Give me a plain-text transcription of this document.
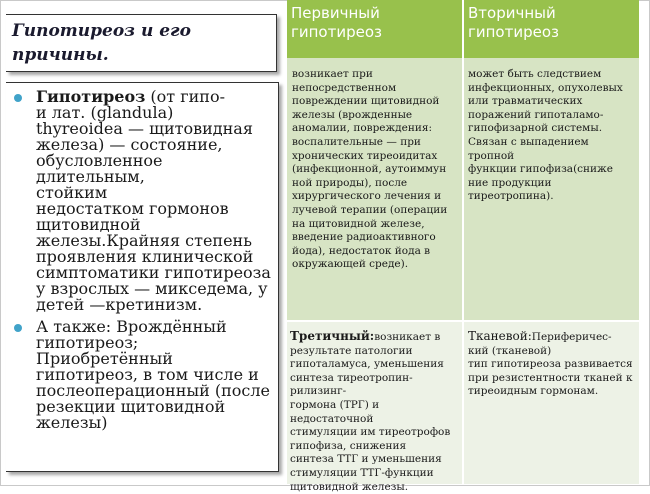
Гипотиреоз и его
причины.
Гипотиреоз (от гипо-
и лат. (glandula)
thyreoidea — щитовидная
железа) — состояние,
обусловленное длительным,
стойким
недостатком гормонов
щитовидной
железы.Крайняя степень
проявления клинической
симптоматики гипотиреоза
у взрослых — микседема, у
детей —кретинизм.
А также: Врождённый
гипотиреоз;
Приобретённый
гипотиреоз, в том числе и
послеоперационный (после
резекции щитовидной
железы)
Первичный
гипотиреоз
Вторичный
гипотиреоз
возникает при
непосредственном
повреждении щитовидной
железы (врожденные
аномалии, повреждения:
воспалительные — при
хронических тиреоидитах
(инфекционной, аутоиммун
ной природы), после
хирургического лечения и
лучевой терапии (операции
на щитовидной железе,
введение радиоактивного
йода), недостаток йода в
окружающей среде).
может быть следствием
инфекционных, опухолевых
или травматических
поражений гипоталамо-
гипофизарной системы.
Связан с выпадением
тропной
функции гипофиза(сниже
ние продукции
тиреотропина).
Третичный:возникает в
результате патологии
гипоталамуса, уменьшения
синтеза тиреотропин-рилизинг-
гормона (ТРГ) и недостаточной
стимуляции им тиреотрофов
гипофиза, снижения
синтеза ТТГ и уменьшения
стимуляции ТТГ-функции
щитовидной железы.
Тканевой:Периферичес-
кий (тканевой)
тип гипотиреоза развивается
при резистентности тканей к
тиреоидным гормонам.
